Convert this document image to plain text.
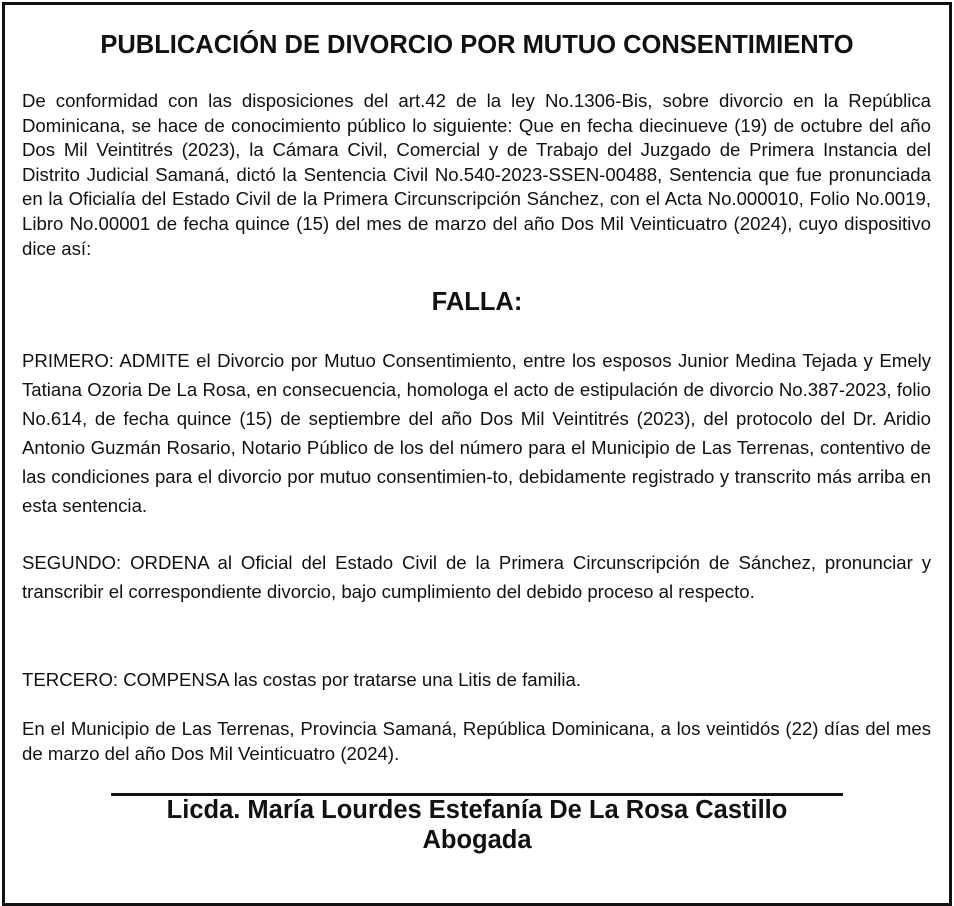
PUBLICACIÓN DE DIVORCIO POR MUTUO CONSENTIMIENTO
De conformidad con las disposiciones del art.42 de la ley No.1306-Bis, sobre divorcio en la República Dominicana, se hace de conocimiento público lo siguiente: Que en fecha diecinueve (19) de octubre del año Dos Mil Veintitrés (2023), la Cámara Civil, Comercial y de Trabajo del Juzgado de Primera Instancia del Distrito Judicial Samaná, dictó la Sentencia Civil No.540-2023-SSEN-00488, Sentencia que fue pronunciada en la Oficialía del Estado Civil de la Primera Circunscripción Sánchez, con el Acta No.000010, Folio No.0019, Libro No.00001 de fecha quince (15) del mes de marzo del año Dos Mil Veinticuatro (2024), cuyo dispositivo dice así:
FALLA:
PRIMERO: ADMITE el Divorcio por Mutuo Consentimiento, entre los esposos Junior Medina Tejada y Emely Tatiana Ozoria De La Rosa, en consecuencia, homologa el acto de estipulación de divorcio No.387-2023, folio No.614, de fecha quince (15) de septiembre del año Dos Mil Veintitrés (2023), del protocolo del Dr. Aridio Antonio Guzmán Rosario, Notario Público de los del número para el Municipio de Las Terrenas, contentivo de las condiciones para el divorcio por mutuo consentimien-to, debidamente registrado y transcrito más arriba en esta sentencia.
SEGUNDO: ORDENA al Oficial del Estado Civil de la Primera Circunscripción de Sánchez, pronunciar y transcribir el correspondiente divorcio, bajo cumplimiento del debido proceso al respecto.
TERCERO: COMPENSA las costas por tratarse una Litis de familia.
En el Municipio de Las Terrenas, Provincia Samaná, República Dominicana, a los veintidós (22) días del mes de marzo del año Dos Mil Veinticuatro (2024).
Licda. María Lourdes Estefanía De La Rosa Castillo
Abogada
